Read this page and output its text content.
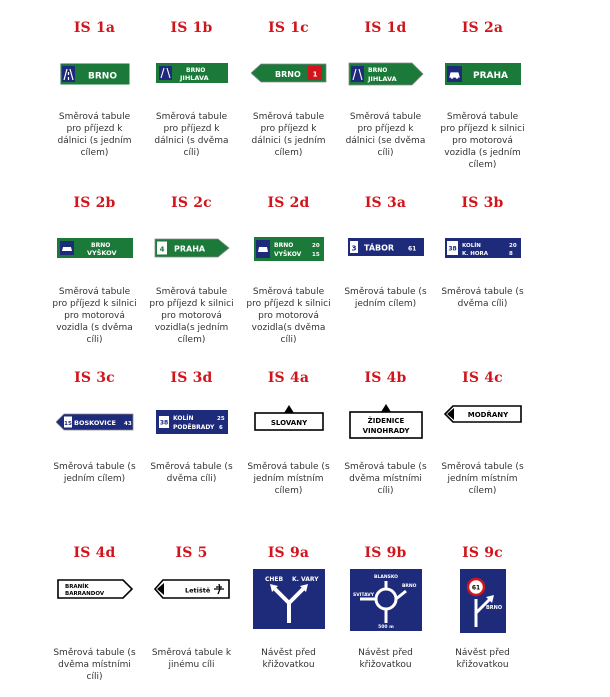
IS 1a
BRNO
Směrová tabule pro příjezd k dálnici (s jedním cílem)
IS 1b
BRNO
JIHLAVA
Směrová tabule pro příjezd k dálnici (s dvěma cíli)
IS 1c
BRNO 1
Směrová tabule pro příjezd k dálnici (s jedním cílem)
IS 1d
BRNO
JIHLAVA
Směrová tabule pro příjezd k dálnici (se dvěma cíli)
IS 2a
PRAHA
Směrová tabule pro příjezd k silnici pro motorová vozidla (s jedním cílem)
IS 2b
BRNO
VYŠKOV
Směrová tabule pro příjezd k silnici pro motorová vozidla (s dvěma cíli)
IS 2c
4 PRAHA
Směrová tabule pro příjezd k silnici pro motorová vozidla(s jedním cílem)
IS 2d
BRNO
VYŠKOV
20
15
Směrová tabule pro příjezd k silnici pro motorová vozidla(s dvěma cíli)
IS 3a
3 TÁBOR 61
Směrová tabule (s jedním cílem)
IS 3b
38 KOLÍN
K. HORA
20
8
Směrová tabule (s dvěma cíli)
IS 3c
15 BOSKOVICE 43
Směrová tabule (s jedním cílem)
IS 3d
38
KOLÍN
PODĚBRADY
25
6
Směrová tabule (s dvěma cíli)
IS 4a
SLOVANY
Směrová tabule (s jedním místním cílem)
IS 4b
ŽIDENICE
VINOHRADY
Směrová tabule (s dvěma místními cíli)
IS 4c
MODŘANY
Směrová tabule (s jedním místním cílem)
IS 4d
BRANÍK
BARRANDOV
Směrová tabule (s dvěma místními cíli)
IS 5
Letiště
Směrová tabule k jinému cíli
IS 9a
CHEB K. VARY
Návěst před křižovatkou
IS 9b
BLANSKO
SVITAVY
BRNO
500 m
Návěst před křižovatkou
IS 9c
61
BRNO
Návěst před křižovatkou
